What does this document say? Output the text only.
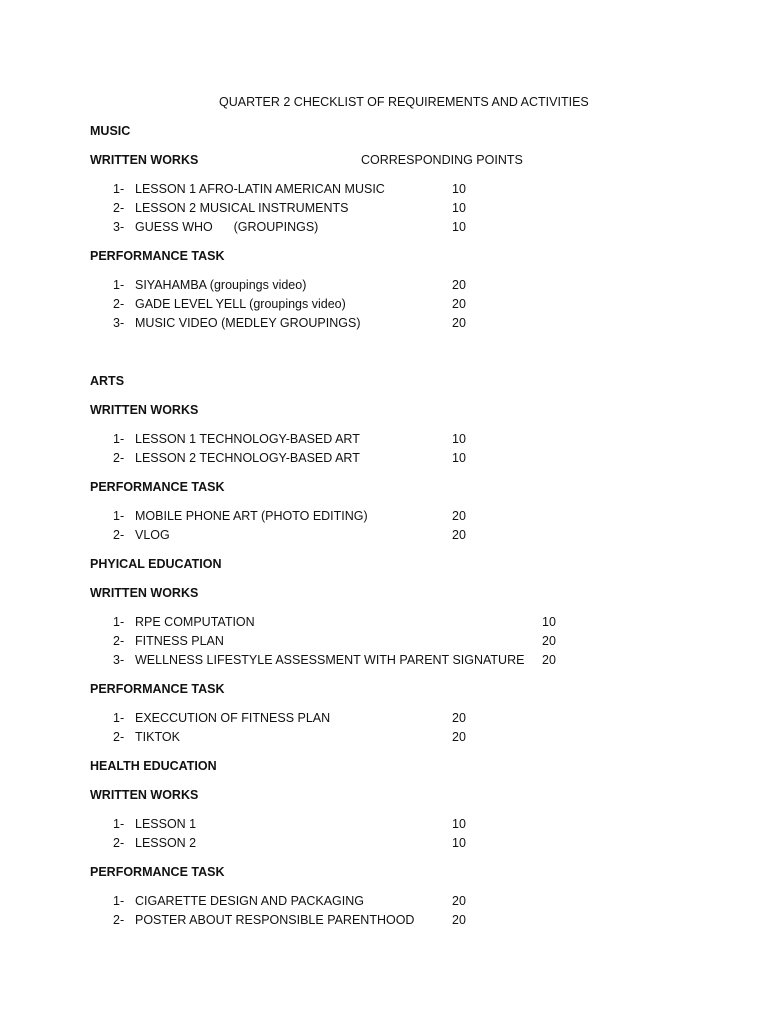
QUARTER 2 CHECKLIST OF REQUIREMENTS AND ACTIVITIES
MUSIC
WRITTEN WORKS	CORRESPONDING POINTS
1- LESSON 1 AFRO-LATIN AMERICAN MUSIC	10
2- LESSON 2 MUSICAL INSTRUMENTS	10
3- GUESS WHO      (GROUPINGS)	10
PERFORMANCE TASK
1- SIYAHAMBA (groupings video)	20
2- GADE LEVEL YELL (groupings video)	20
3- MUSIC VIDEO (MEDLEY GROUPINGS)	20
ARTS
WRITTEN WORKS
1- LESSON 1 TECHNOLOGY-BASED ART	10
2- LESSON 2 TECHNOLOGY-BASED ART	10
PERFORMANCE TASK
1- MOBILE PHONE ART (PHOTO EDITING)	20
2- VLOG	20
PHYICAL EDUCATION
WRITTEN WORKS
1- RPE COMPUTATION	10
2- FITNESS PLAN	20
3- WELLNESS LIFESTYLE ASSESSMENT WITH PARENT SIGNATURE 20
PERFORMANCE TASK
1- EXECCUTION OF FITNESS PLAN	20
2- TIKTOK	20
HEALTH EDUCATION
WRITTEN WORKS
1- LESSON 1	10
2- LESSON 2	10
PERFORMANCE TASK
1- CIGARETTE DESIGN AND PACKAGING	20
2- POSTER ABOUT RESPONSIBLE PARENTHOOD	20
